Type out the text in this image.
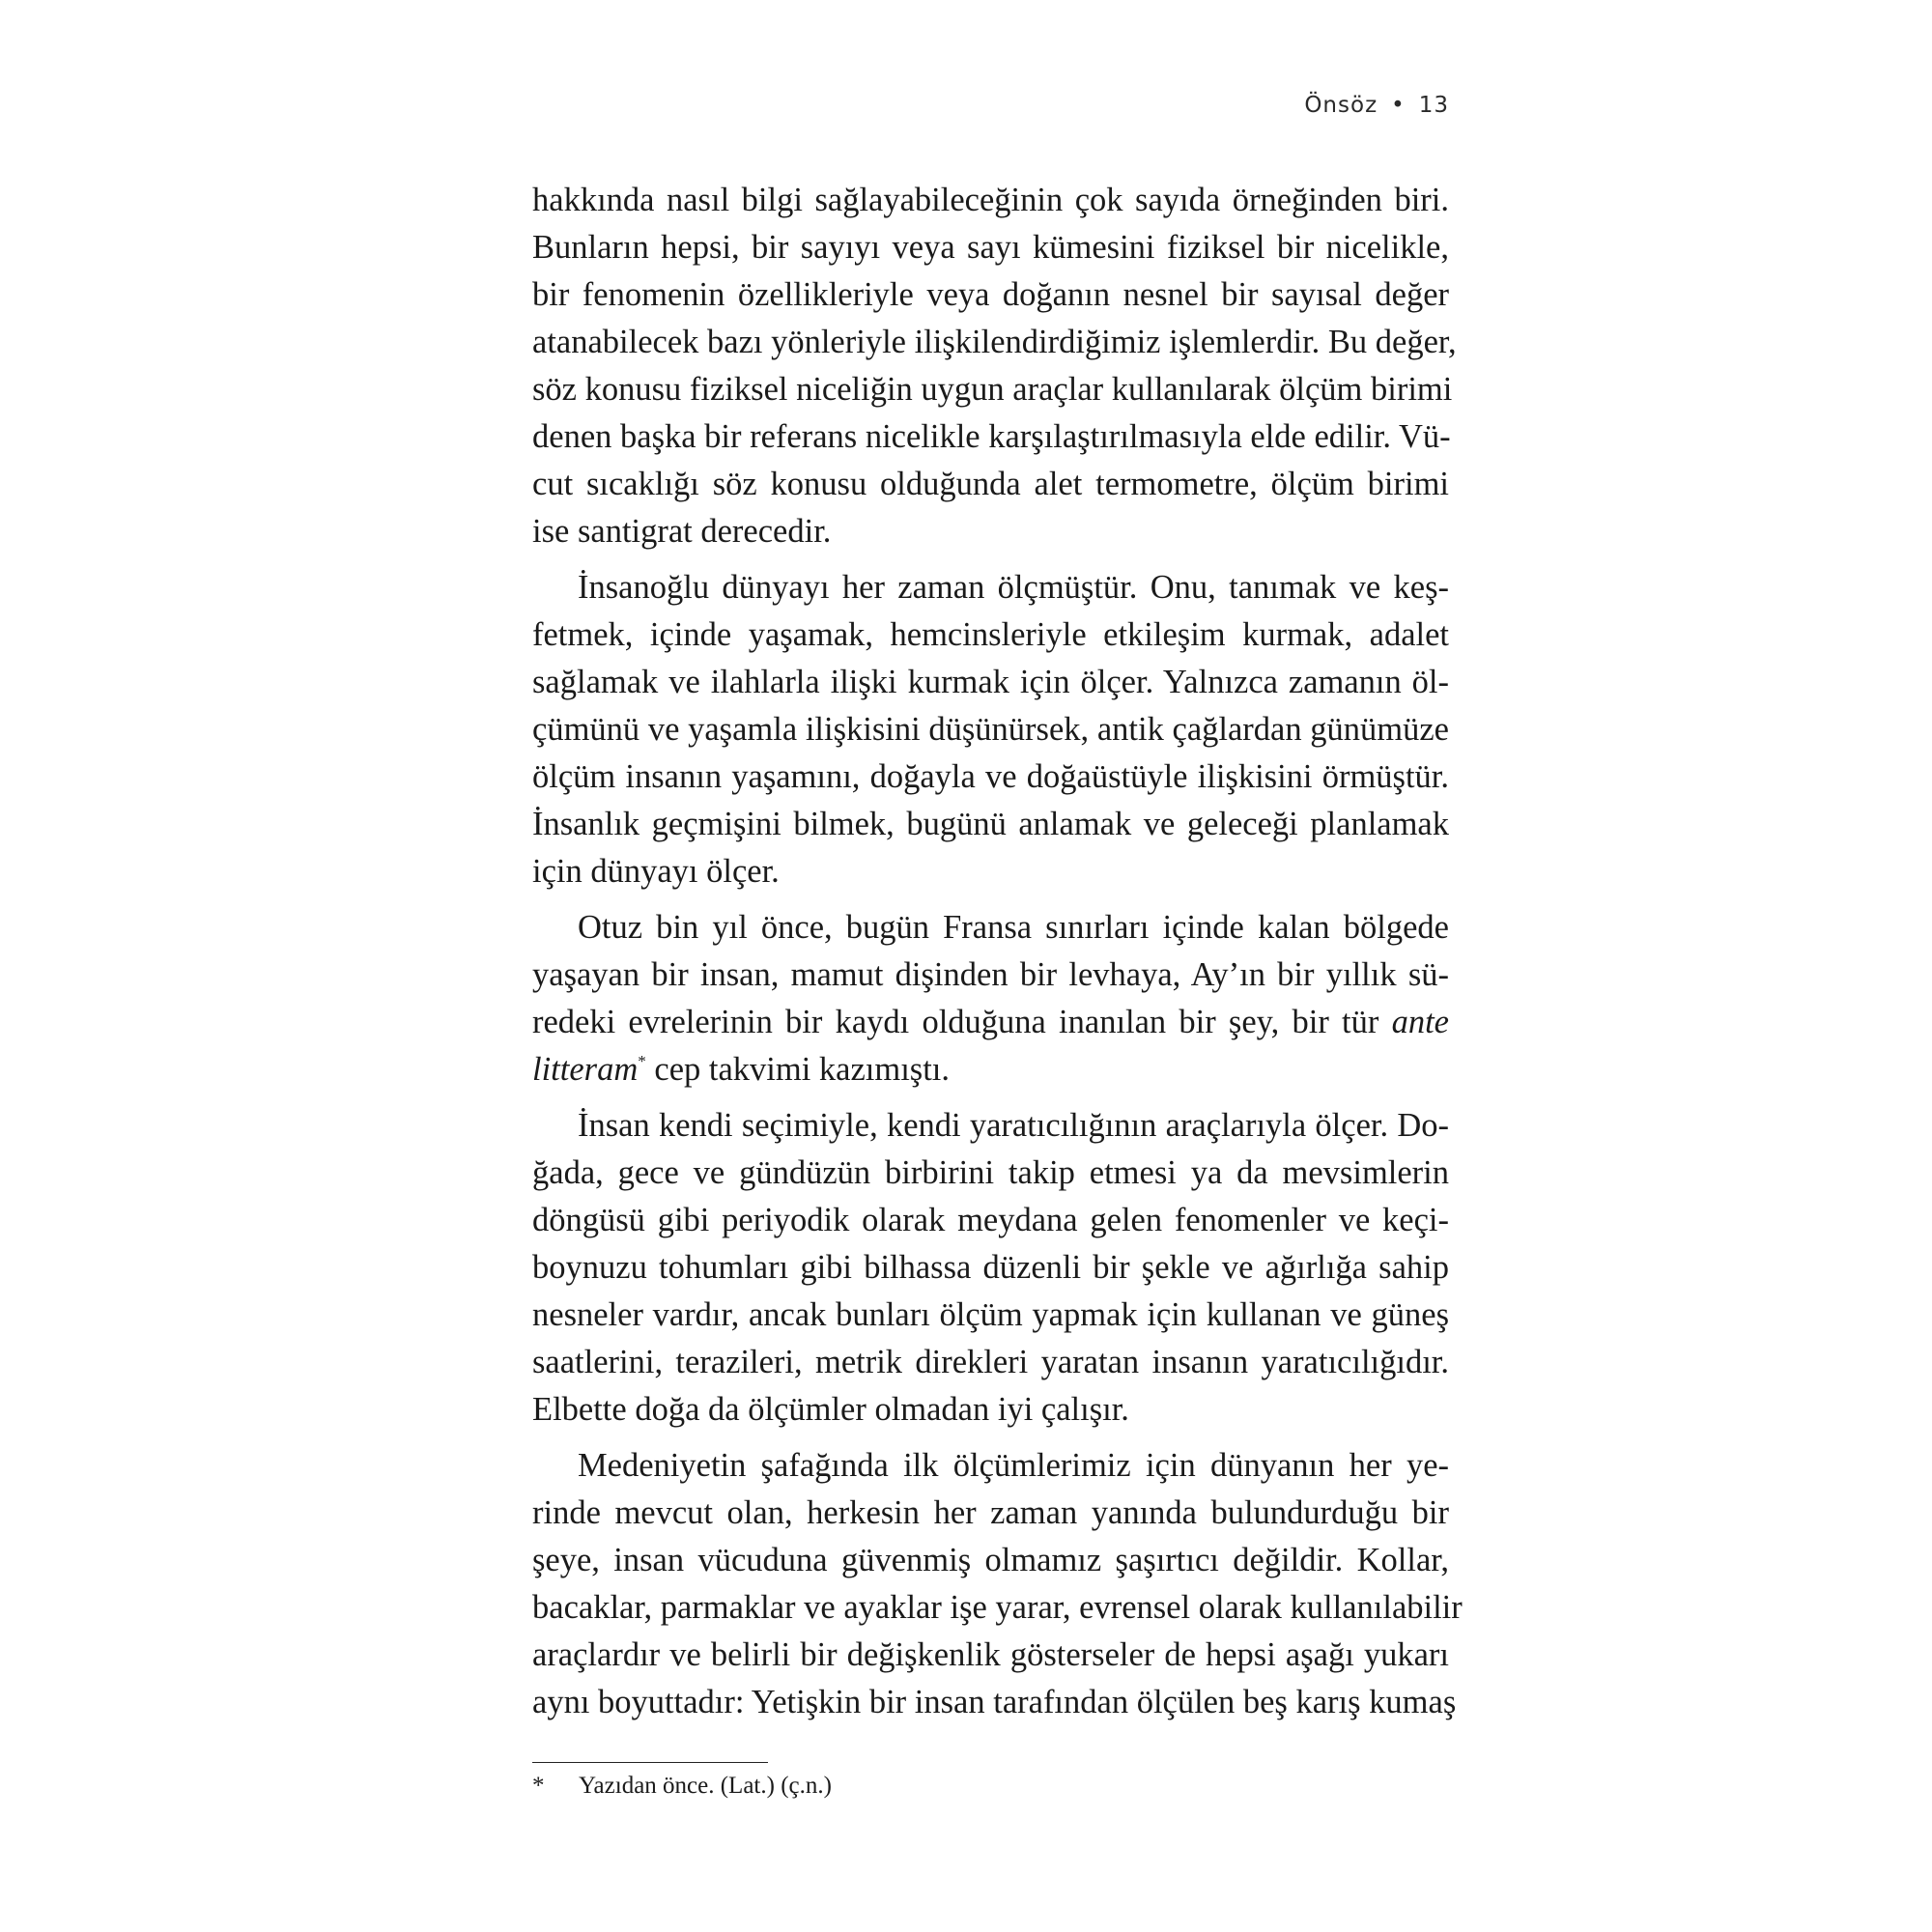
Önsöz • 13

hakkında nasıl bilgi sağlayabileceğinin çok sayıda örneğinden biri.
Bunların hepsi, bir sayıyı veya sayı kümesini fiziksel bir nicelikle,
bir fenomenin özellikleriyle veya doğanın nesnel bir sayısal değer
atanabilecek bazı yönleriyle ilişkilendirdiğimiz işlemlerdir. Bu değer,
söz konusu fiziksel niceliğin uygun araçlar kullanılarak ölçüm birimi
denen başka bir referans nicelikle karşılaştırılmasıyla elde edilir. Vü-
cut sıcaklığı söz konusu olduğunda alet termometre, ölçüm birimi
ise santigrat derecedir.

İnsanoğlu dünyayı her zaman ölçmüştür. Onu, tanımak ve keş-
fetmek, içinde yaşamak, hemcinsleriyle etkileşim kurmak, adalet
sağlamak ve ilahlarla ilişki kurmak için ölçer. Yalnızca zamanın öl-
çümünü ve yaşamla ilişkisini düşünürsek, antik çağlardan günümüze
ölçüm insanın yaşamını, doğayla ve doğaüstüyle ilişkisini örmüştür.
İnsanlık geçmişini bilmek, bugünü anlamak ve geleceği planlamak
için dünyayı ölçer.

Otuz bin yıl önce, bugün Fransa sınırları içinde kalan bölgede
yaşayan bir insan, mamut dişinden bir levhaya, Ay’ın bir yıllık sü-
redeki evrelerinin bir kaydı olduğuna inanılan bir şey, bir tür ante
litteram* cep takvimi kazımıştı.

İnsan kendi seçimiyle, kendi yaratıcılığının araçlarıyla ölçer. Do-
ğada, gece ve gündüzün birbirini takip etmesi ya da mevsimlerin
döngüsü gibi periyodik olarak meydana gelen fenomenler ve keçi-
boynuzu tohumları gibi bilhassa düzenli bir şekle ve ağırlığa sahip
nesneler vardır, ancak bunları ölçüm yapmak için kullanan ve güneş
saatlerini, terazileri, metrik direkleri yaratan insanın yaratıcılığıdır.
Elbette doğa da ölçümler olmadan iyi çalışır.

Medeniyetin şafağında ilk ölçümlerimiz için dünyanın her ye-
rinde mevcut olan, herkesin her zaman yanında bulundurduğu bir
şeye, insan vücuduna güvenmiş olmamız şaşırtıcı değildir. Kollar,
bacaklar, parmaklar ve ayaklar işe yarar, evrensel olarak kullanılabilir
araçlardır ve belirli bir değişkenlik gösterseler de hepsi aşağı yukarı
aynı boyuttadır: Yetişkin bir insan tarafından ölçülen beş karış kumaş

* Yazıdan önce. (Lat.) (ç.n.)
